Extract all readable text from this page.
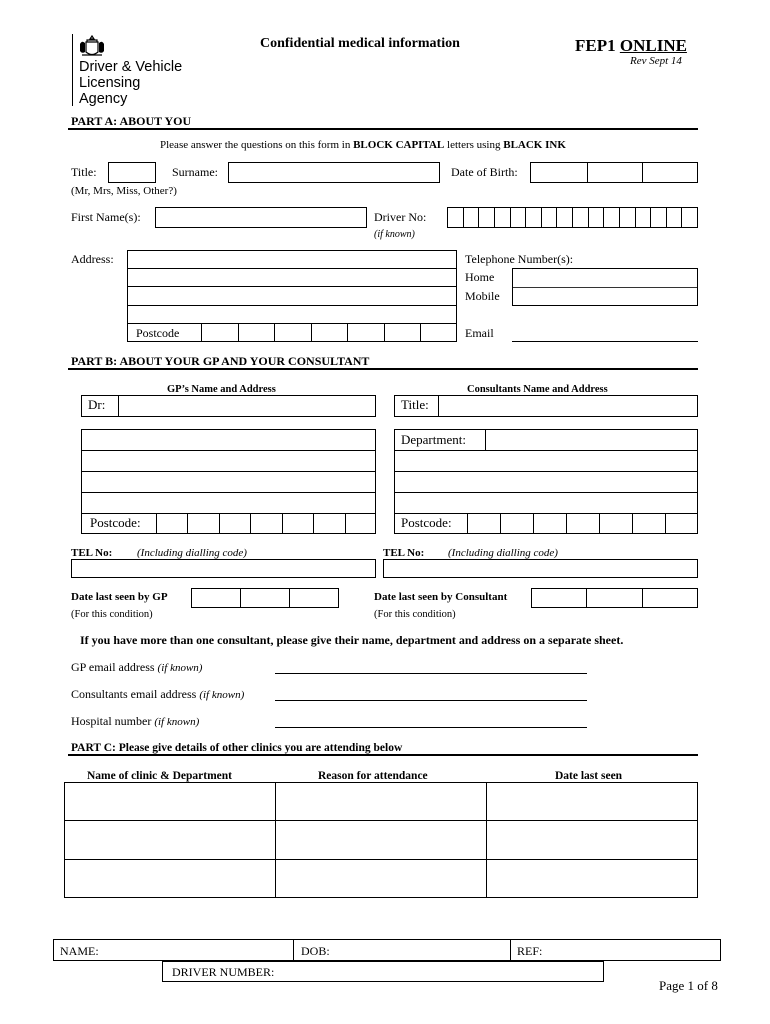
Driver & Vehicle
Licensing
Agency
Confidential medical information	FEP1 ONLINE
Rev Sept 14
PART A: ABOUT YOU
Please answer the questions on this form in BLOCK CAPITAL letters using BLACK INK
Title:	Surname:	Date of Birth:
(Mr, Mrs, Miss, Other?)
First Name(s):	Driver No:
(if known)
Address:
Postcode
Telephone Number(s):
Home
Mobile
Email
PART B: ABOUT YOUR GP AND YOUR CONSULTANT
GP’s Name and Address	Consultants Name and Address
Dr:	Title:
Postcode:
Department:
Postcode:
TEL No: (Including dialling code)	TEL No: (Including dialling code)
Date last seen by GP
(For this condition)
Date last seen by Consultant
(For this condition)
If you have more than one consultant, please give their name, department and address on a separate sheet.
GP email address (if known)
Consultants email address (if known)
Hospital number (if known)
PART C: Please give details of other clinics you are attending below
Name of clinic & Department	Reason for attendance	Date last seen
NAME:	DOB:	REF:
DRIVER NUMBER:
Page 1 of 8
